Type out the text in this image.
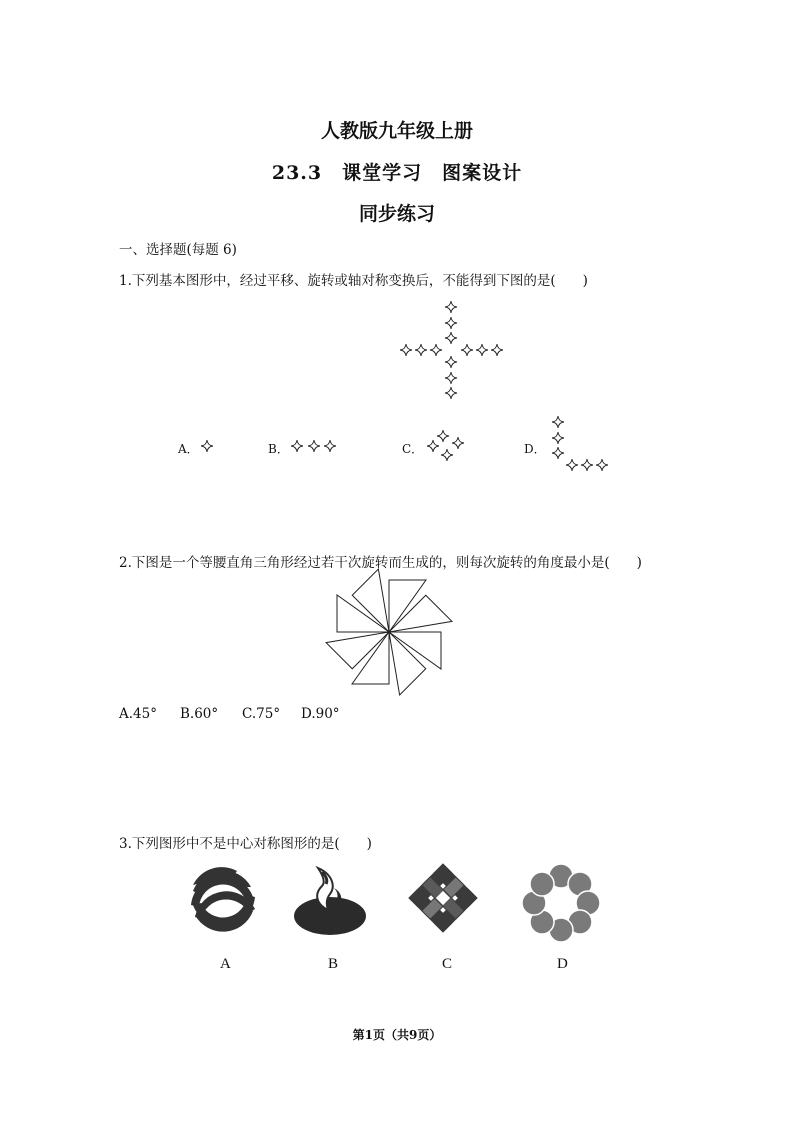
人教版九年级上册
23.3　课堂学习　图案设计
同步练习
一、选择题(每题 6)
1.下列基本图形中，经过平移、旋转或轴对称变换后，不能得到下图的是(　　)
A．	B．	C．	D．
2.下图是一个等腰直角三角形经过若干次旋转而生成的，则每次旋转的角度最小是(　　)
A.45° B.60° C.75° D.90°
3.下列图形中不是中心对称图形的是(　　)
A	B	C	D
第1页（共9页）
